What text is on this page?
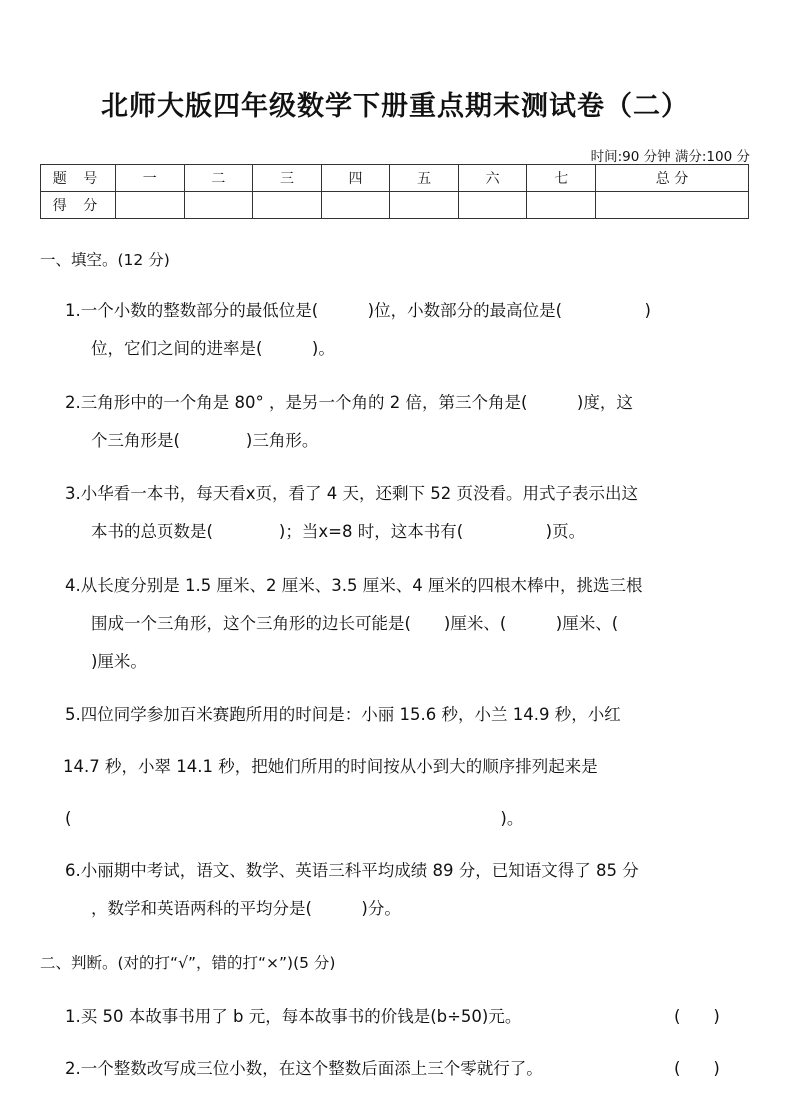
北师大版四年级数学下册重点期末测试卷（二）
时间:90 分钟 满分:100 分
题 号	一	二	三	四	五	六	七	总 分
得 分								
一、填空。(12 分)
1.一个小数的整数部分的最低位是(　　　)位，小数部分的最高位是(　　　　　)
位，它们之间的进率是(　　　)。
2.三角形中的一个角是 80° ，是另一个角的 2 倍，第三个角是(　　　)度，这
个三角形是(　　　　)三角形。
3.小华看一本书，每天看x页，看了 4 天，还剩下 52 页没看。用式子表示出这
本书的总页数是(　　　　)；当x=8 时，这本书有(　　　　　)页。
4.从长度分别是 1.5 厘米、2 厘米、3.5 厘米、4 厘米的四根木棒中，挑选三根
围成一个三角形，这个三角形的边长可能是(　　)厘米、(　　　)厘米、(
)厘米。
5.四位同学参加百米赛跑所用的时间是：小丽 15.6 秒，小兰 14.9 秒，小红
14.7 秒，小翠 14.1 秒，把她们所用的时间按从小到大的顺序排列起来是
(　　　　　　　　　　　　　　　　　　　　　　　　　　)。
6.小丽期中考试，语文、数学、英语三科平均成绩 89 分，已知语文得了 85 分
，数学和英语两科的平均分是(　　　)分。
二、判断。(对的打“√”，错的打“×”)(5 分)
1.买 50 本故事书用了 b 元，每本故事书的价钱是(b÷50)元。	(　　)
2.一个整数改写成三位小数，在这个整数后面添上三个零就行了。	(　　)
